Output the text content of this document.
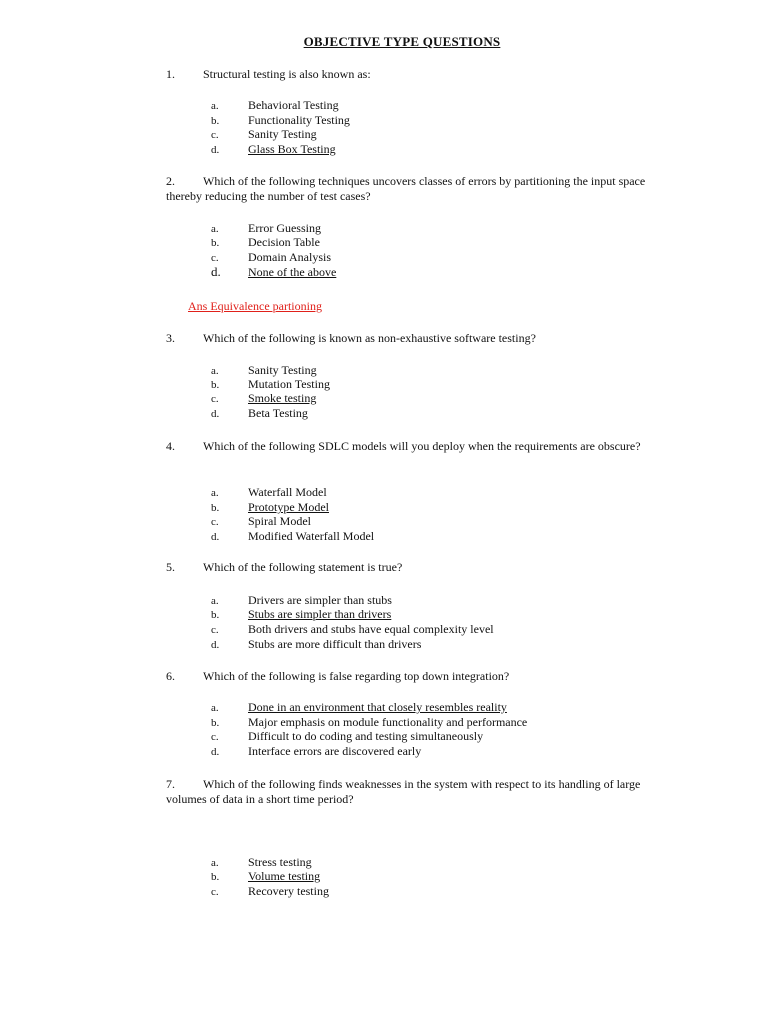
OBJECTIVE TYPE QUESTIONS
1. Structural testing is also known as:
a. Behavioral Testing
b. Functionality Testing
c. Sanity Testing
d. Glass Box Testing
2.	Which of the following techniques uncovers classes of errors by partitioning the input space thereby reducing the number of test cases?
a. Error Guessing
b. Decision Table
c. Domain Analysis
d. None of the above
Ans Equivalence partioning
3. Which of the following is known as non-exhaustive software testing?
a. Sanity Testing
b. Mutation Testing
c. Smoke testing
d. Beta Testing
4.	Which of the following SDLC models will you deploy when the requirements are obscure?
a. Waterfall Model
b. Prototype Model
c. Spiral Model
d. Modified Waterfall Model
5. Which of the following statement is true?
a. Drivers are simpler than stubs
b. Stubs are simpler than drivers
c. Both drivers and stubs have equal complexity level
d. Stubs are more difficult than drivers
6. Which of the following is false regarding top down integration?
a. Done in an environment that closely resembles reality
b. Major emphasis on module functionality and performance
c. Difficult to do coding and testing simultaneously
d. Interface errors are discovered early
7.	Which of the following finds weaknesses in the system with respect to its handling of large volumes of data in a short time period?
a. Stress testing
b. Volume testing
c. Recovery testing
